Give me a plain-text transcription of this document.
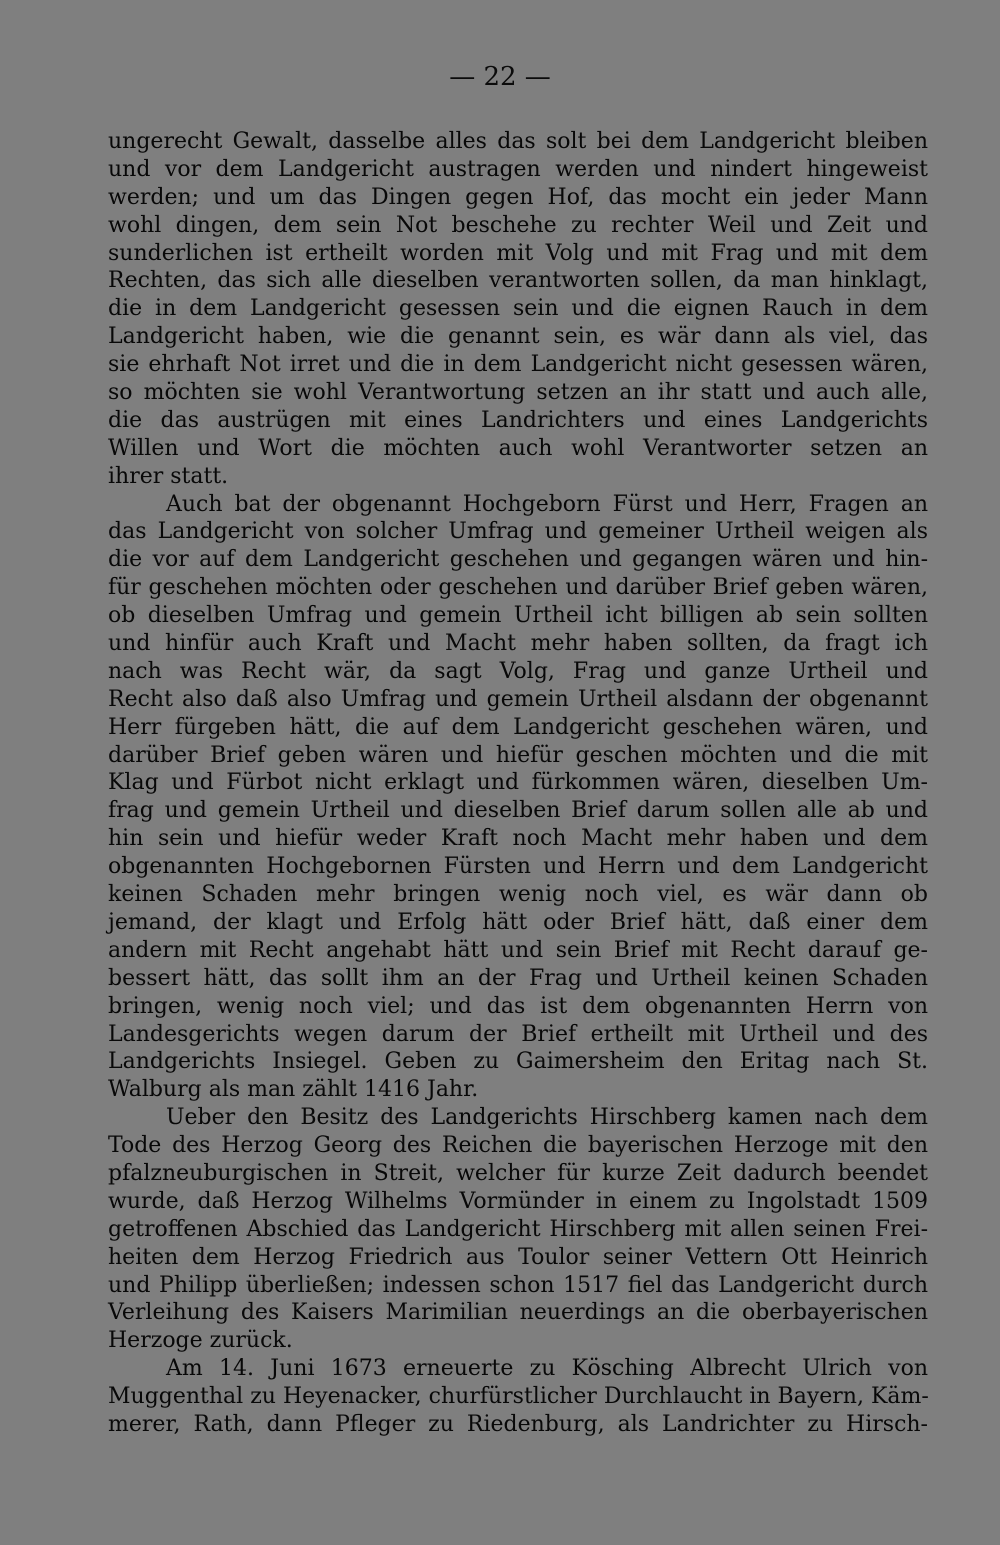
— 22 —
ungerecht Gewalt, dasselbe alles das solt bei dem Landgericht bleiben
und vor dem Landgericht austragen werden und nindert hingeweist
werden; und um das Dingen gegen Hof, das mocht ein jeder Mann
wohl dingen, dem sein Not beschehe zu rechter Weil und Zeit und
sunderlichen ist ertheilt worden mit Volg und mit Frag und mit dem
Rechten, das sich alle dieselben verantworten sollen, da man hinklagt,
die in dem Landgericht gesessen sein und die eignen Rauch in dem
Landgericht haben, wie die genannt sein, es wär dann als viel, das
sie ehrhaft Not irret und die in dem Landgericht nicht gesessen wären,
so möchten sie wohl Verantwortung setzen an ihr statt und auch alle,
die das austrügen mit eines Landrichters und eines Landgerichts
Willen und Wort die möchten auch wohl Verantworter setzen an
ihrer statt.
Auch bat der obgenannt Hochgeborn Fürst und Herr, Fragen an
das Landgericht von solcher Umfrag und gemeiner Urtheil weigen als
die vor auf dem Landgericht geschehen und gegangen wären und hin-
für geschehen möchten oder geschehen und darüber Brief geben wären,
ob dieselben Umfrag und gemein Urtheil icht billigen ab sein sollten
und hinfür auch Kraft und Macht mehr haben sollten, da fragt ich
nach was Recht wär, da sagt Volg, Frag und ganze Urtheil und
Recht also daß also Umfrag und gemein Urtheil alsdann der obgenannt
Herr fürgeben hätt, die auf dem Landgericht geschehen wären, und
darüber Brief geben wären und hiefür geschen möchten und die mit
Klag und Fürbot nicht erklagt und fürkommen wären, dieselben Um-
frag und gemein Urtheil und dieselben Brief darum sollen alle ab und
hin sein und hiefür weder Kraft noch Macht mehr haben und dem
obgenannten Hochgebornen Fürsten und Herrn und dem Landgericht
keinen Schaden mehr bringen wenig noch viel, es wär dann ob
jemand, der klagt und Erfolg hätt oder Brief hätt, daß einer dem
andern mit Recht angehabt hätt und sein Brief mit Recht darauf ge-
bessert hätt, das sollt ihm an der Frag und Urtheil keinen Schaden
bringen, wenig noch viel; und das ist dem obgenannten Herrn von
Landesgerichts wegen darum der Brief ertheilt mit Urtheil und des
Landgerichts Insiegel. Geben zu Gaimersheim den Eritag nach St.
Walburg als man zählt 1416 Jahr.
Ueber den Besitz des Landgerichts Hirschberg kamen nach dem
Tode des Herzog Georg des Reichen die bayerischen Herzoge mit den
pfalzneuburgischen in Streit, welcher für kurze Zeit dadurch beendet
wurde, daß Herzog Wilhelms Vormünder in einem zu Ingolstadt 1509
getroffenen Abschied das Landgericht Hirschberg mit allen seinen Frei-
heiten dem Herzog Friedrich aus Toulor seiner Vettern Ott Heinrich
und Philipp überließen; indessen schon 1517 fiel das Landgericht durch
Verleihung des Kaisers Marimilian neuerdings an die oberbayerischen
Herzoge zurück.
Am 14. Juni 1673 erneuerte zu Kösching Albrecht Ulrich von
Muggenthal zu Heyenacker, churfürstlicher Durchlaucht in Bayern, Käm-
merer, Rath, dann Pfleger zu Riedenburg, als Landrichter zu Hirsch-
